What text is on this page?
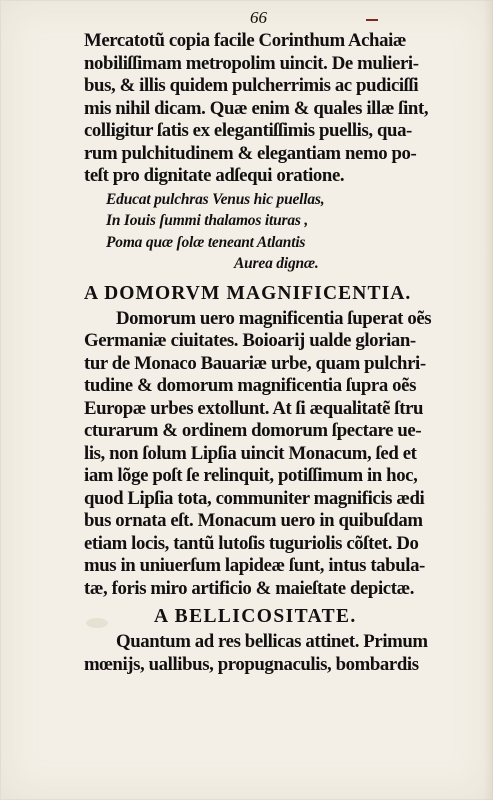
66
Mercatotũ copia facile Corinthum Achaiæ
nobiliſſimam metropolim uincit. De mulieri-
bus, & illis quidem pulcherrimis ac pudiciſſi
mis nihil dicam. Quæ enim & quales illæ ſint,
colligitur ſatis ex elegantiſſimis puellis, qua-
rum pulchitudinem & elegantiam nemo po-
teſt pro dignitate adſequi oratione.
Educat pulchras Venus hic puellas,
In Iouis ſummi thalamos ituras ,
Poma quæ ſolæ teneant Atlantis
Aurea dignæ.
A DOMORVM MAGNIFICENTIA.
Domorum uero magnificentia ſuperat oẽs
Germaniæ ciuitates. Boioarij ualde glorian-
tur de Monaco Bauariæ urbe, quam pulchri-
tudine & domorum magnificentia ſupra oẽs
Europæ urbes extollunt. At ſi æqualitatẽ ſtru
cturarum & ordinem domorum ſpectare ue-
lis, non ſolum Lipſia uincit Monacum, ſed et
iam lõge poſt ſe relinquit, potiſſimum in hoc,
quod Lipſia tota, communiter magnificis ædi
bus ornata eſt. Monacum uero in quibuſdam
etiam locis, tantũ lutoſis tuguriolis cõſtet. Do
mus in uniuerſum lapideæ ſunt, intus tabula-
tæ, foris miro artificio & maieſtate depictæ.
A BELLICOSITATE.
Quantum ad res bellicas attinet. Primum
mœnijs, uallibus, propugnaculis, bombardis
